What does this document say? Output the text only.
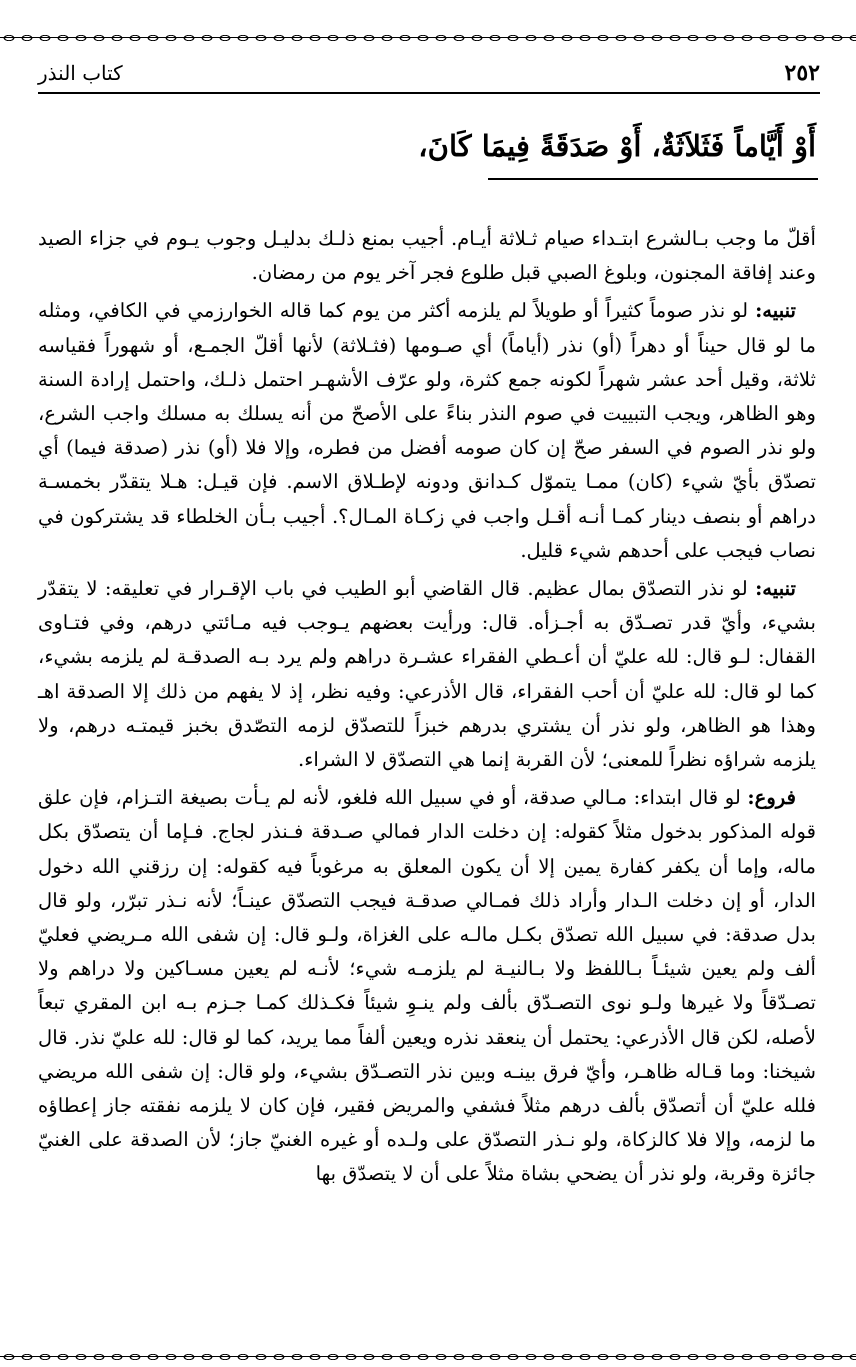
٢٥٢
كتاب النذر
أَوْ أَيَّاماً فَثَلاَثَةٌ، أَوْ صَدَقَةً فِيمَا كَانَ،

أقلّ ما وجب بـالشرع ابتـداء صيام ثـلاثة أيـام. أجيب بمنع ذلـك بدليـل وجوب يـوم في جزاء الصيد وعند إفاقة المجنون، وبلوغ الصبي قبل طلوع فجر آخر يوم من رمضان.

تنبيه: لو نذر صوماً كثيراً أو طويلاً لم يلزمه أكثر من يوم كما قاله الخوارزمي في الكافي، ومثله ما لو قال حيناً أو دهراً (أو) نذر (أياماً) أي صـومها (فثـلاثة) لأنها أقلّ الجمـع، أو شهوراً فقياسه ثلاثة، وقيل أحد عشر شهراً لكونه جمع كثرة، ولو عرّف الأشهـر احتمل ذلـك، واحتمل إرادة السنة وهو الظاهر، ويجب التبييت في صوم النذر بناءً على الأصحّ من أنه يسلك به مسلك واجب الشرع، ولو نذر الصوم في السفر صحّ إن كان صومه أفضل من فطره، وإلا فلا (أو) نذر (صدقة فيما) أي تصدّق بأيّ شيء (كان) ممـا يتموّل كـدانق ودونه لإطـلاق الاسم. فإن قيـل: هـلا يتقدّر بخمسـة دراهم أو بنصف دينار كمـا أنـه أقـل واجب في زكـاة المـال؟. أجيب بـأن الخلطاء قد يشتركون في نصاب فيجب على أحدهم شيء قليل.

تنبيه: لو نذر التصدّق بمال عظيم. قال القاضي أبو الطيب في باب الإقـرار في تعليقه: لا يتقدّر بشيء، وأيّ قدر تصـدّق به أجـزأه. قال: ورأيت بعضهم يـوجب فيه مـائتي درهم، وفي فتـاوى القفال: لـو قال: لله عليّ أن أعـطي الفقراء عشـرة دراهم ولم يرد بـه الصدقـة لم يلزمه بشيء، كما لو قال: لله عليّ أن أحب الفقراء، قال الأذرعي: وفيه نظر، إذ لا يفهم من ذلك إلا الصدقة اهـ وهذا هو الظاهر، ولو نذر أن يشتري بدرهم خبزاً للتصدّق لزمه التصّدق بخبز قيمتـه درهم، ولا يلزمه شراؤه نظراً للمعنى؛ لأن القربة إنما هي التصدّق لا الشراء.

فروع: لو قال ابتداء: مـالي صدقة، أو في سبيل الله فلغو، لأنه لم يـأت بصيغة التـزام، فإن علق قوله المذكور بدخول مثلاً كقوله: إن دخلت الدار فمالي صـدقة فـنذر لجاج. فـإما أن يتصدّق بكل ماله، وإما أن يكفر كفارة يمين إلا أن يكون المعلق به مرغوباً فيه كقوله: إن رزقني الله دخول الدار، أو إن دخلت الـدار وأراد ذلك فمـالي صدقـة فيجب التصدّق عينـاً؛ لأنه نـذر تبرّر، ولو قال بدل صدقة: في سبيل الله تصدّق بكـل مالـه على الغزاة، ولـو قال: إن شفى الله مـريضي فعليّ ألف ولم يعين شيئـاً بـاللفظ ولا بـالنيـة لم يلزمـه شيء؛ لأنـه لم يعين مسـاكين ولا دراهم ولا تصـدّقاً ولا غيرها ولـو نوى التصـدّق بألف ولم ينـوِ شيئاً فكـذلك كمـا جـزم بـه ابن المقري تبعاً لأصله، لكن قال الأذرعي: يحتمل أن ينعقد نذره ويعين ألفاً مما يريد، كما لو قال: لله عليّ نذر. قال شيخنا: وما قـاله ظاهـر، وأيّ فرق بينـه وبين نذر التصـدّق بشيء، ولو قال: إن شفى الله مريضي فلله عليّ أن أتصدّق بألف درهم مثلاً فشفي والمريض فقير، فإن كان لا يلزمه نفقته جاز إعطاؤه ما لزمه، وإلا فلا كالزكاة، ولو نـذر التصدّق على ولـده أو غيره الغنيّ جاز؛ لأن الصدقة على الغنيّ جائزة وقربة، ولو نذر أن يضحي بشاة مثلاً على أن لا يتصدّق بها
